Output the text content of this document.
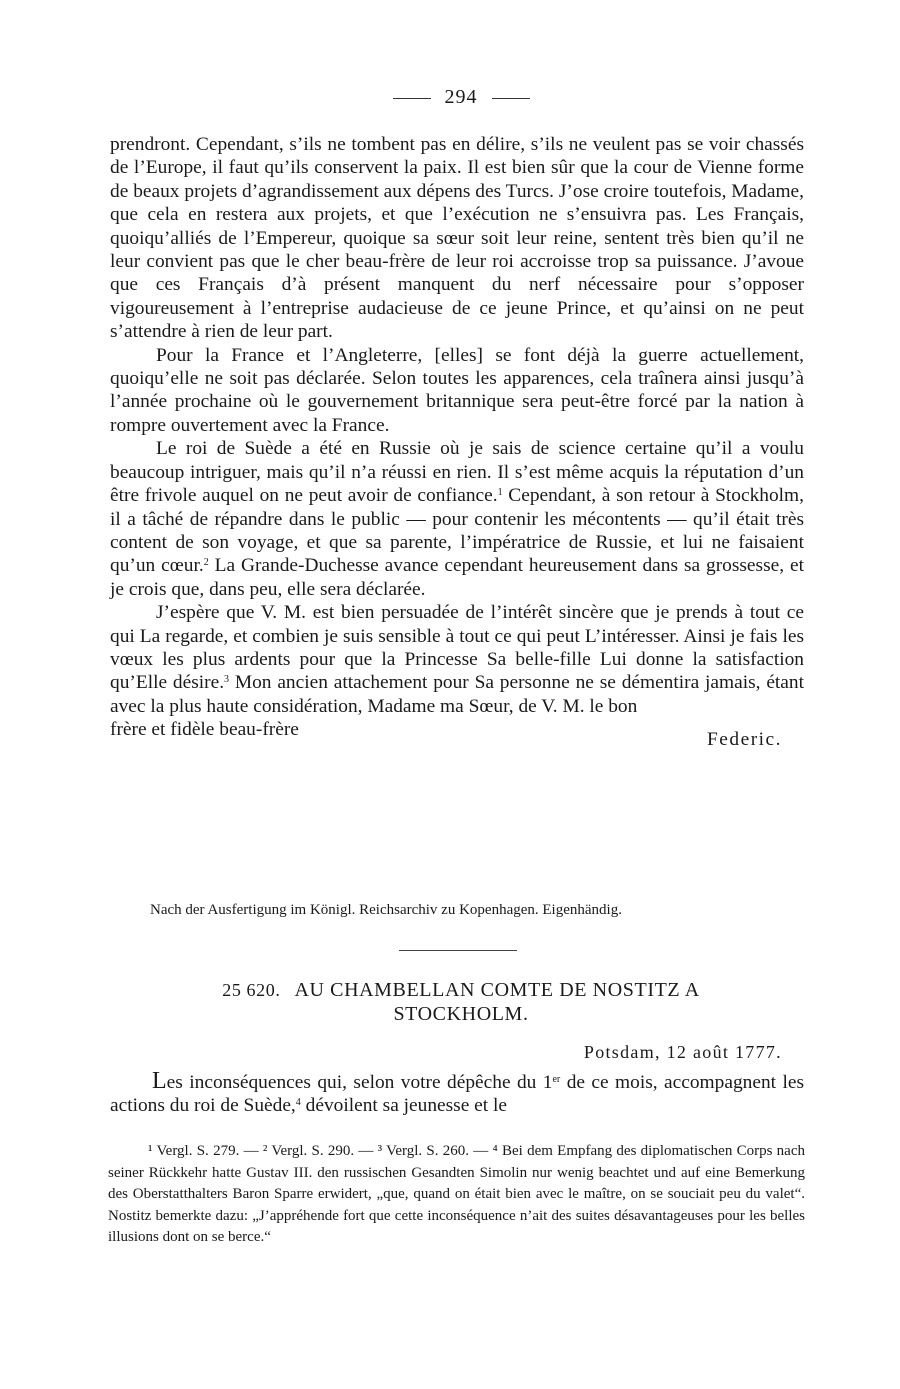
294

prendront. Cependant, s’ils ne tombent pas en délire, s’ils ne veulent pas se voir chassés de l’Europe, il faut qu’ils conservent la paix. Il est bien sûr que la cour de Vienne forme de beaux projets d’agrandissement aux dépens des Turcs. J’ose croire toutefois, Madame, que cela en restera aux projets, et que l’exécution ne s’ensuivra pas. Les Français, quoiqu’alliés de l’Empereur, quoique sa sœur soit leur reine, sentent très bien qu’il ne leur convient pas que le cher beau-frère de leur roi accroisse trop sa puissance. J’avoue que ces Français d’à présent manquent du nerf nécessaire pour s’opposer vigoureusement à l’entreprise audacieuse de ce jeune Prince, et qu’ainsi on ne peut s’attendre à rien de leur part.

Pour la France et l’Angleterre, [elles] se font déjà la guerre actuellement, quoiqu’elle ne soit pas déclarée. Selon toutes les apparences, cela traînera ainsi jusqu’à l’année prochaine où le gouvernement britannique sera peut-être forcé par la nation à rompre ouvertement avec la France.

Le roi de Suède a été en Russie où je sais de science certaine qu’il a voulu beaucoup intriguer, mais qu’il n’a réussi en rien. Il s’est même acquis la réputation d’un être frivole auquel on ne peut avoir de confiance.$^1$ Cependant, à son retour à Stockholm, il a tâché de répandre dans le public — pour contenir les mécontents — qu’il était très content de son voyage, et que sa parente, l’impératrice de Russie, et lui ne faisaient qu’un cœur.$^2$ La Grande-Duchesse avance cependant heureusement dans sa grossesse, et je crois que, dans peu, elle sera déclarée.

J’espère que V. M. est bien persuadée de l’intérêt sincère que je prends à tout ce qui La regarde, et combien je suis sensible à tout ce qui peut L’intéresser. Ainsi je fais les vœux les plus ardents pour que la Princesse Sa belle-fille Lui donne la satisfaction qu’Elle désire.$^3$ Mon ancien attachement pour Sa personne ne se démentira jamais, étant avec la plus haute considération, Madame ma Sœur, de V. M. le bon

frère et fidèle beau-frère	Federic.
Nach der Ausfertigung im Königl. Reichsarchiv zu Kopenhagen. Eigenhändig.
25 620. AU CHAMBELLAN COMTE DE NOSTITZ A
STOCKHOLM.
Potsdam, 12 août 1777.

Les inconséquences qui, selon votre dépêche du 1er de ce mois, accompagnent les actions du roi de Suède,$^4$ dévoilent sa jeunesse et le

¹ Vergl. S. 279. — ² Vergl. S. 290. — ³ Vergl. S. 260. — ⁴ Bei dem Empfang des diplomatischen Corps nach seiner Rückkehr hatte Gustav III. den russischen Gesandten Simolin nur wenig beachtet und auf eine Bemerkung des Oberstatthalters Baron Sparre erwidert, „que, quand on était bien avec le maître, on se souciait peu du valet“. Nostitz bemerkte dazu: „J’appréhende fort que cette inconséquence n’ait des suites désavantageuses pour les belles illusions dont on se berce.“
